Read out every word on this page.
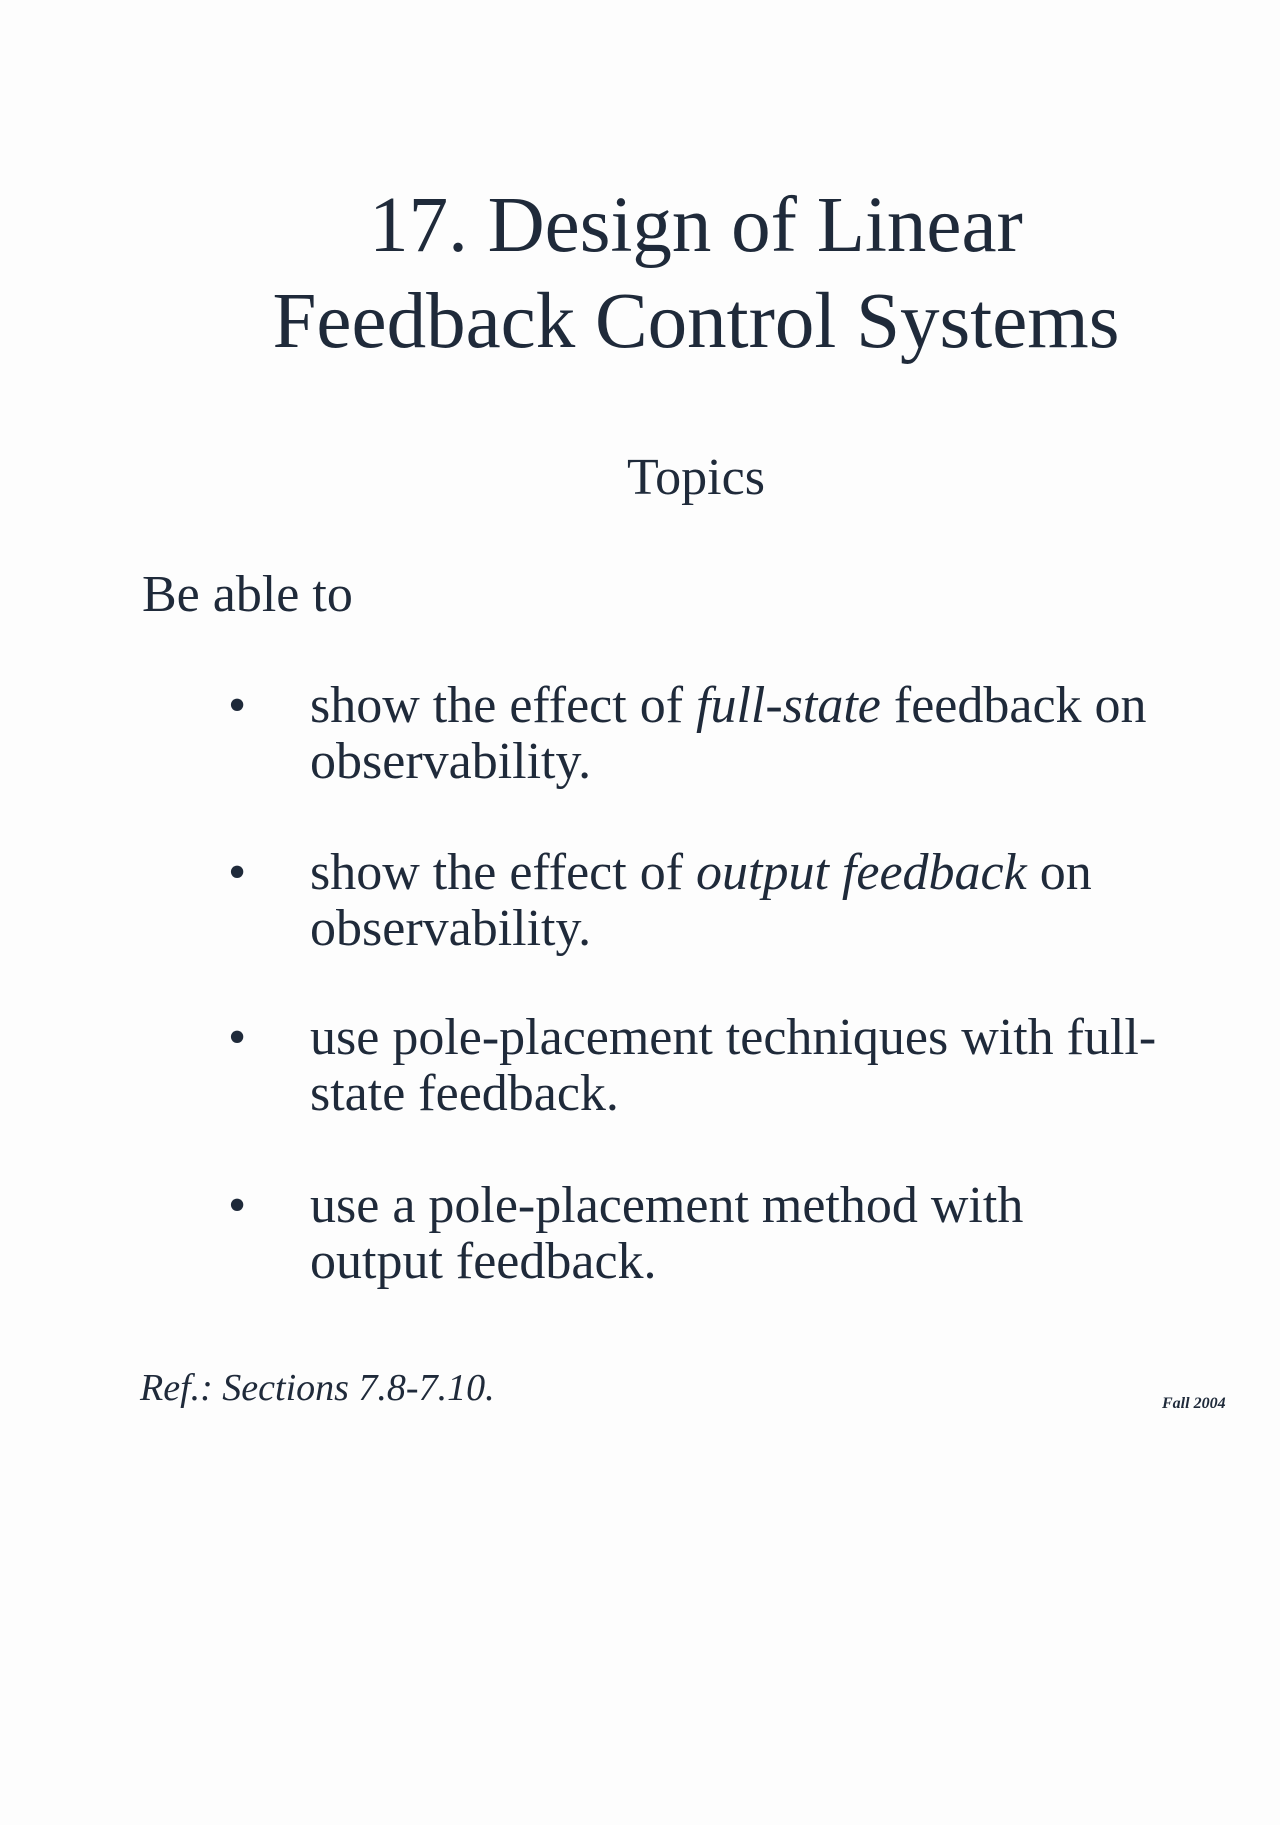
17. Design of Linear
Feedback Control Systems
Topics
Be able to
•	show the effect of full-state feedback on
observability.
•	show the effect of output feedback on
observability.
•	use pole-placement techniques with full-
state feedback.
•	use a pole-placement method with
output feedback.
Ref.: Sections 7.8-7.10.	Fall 2004
